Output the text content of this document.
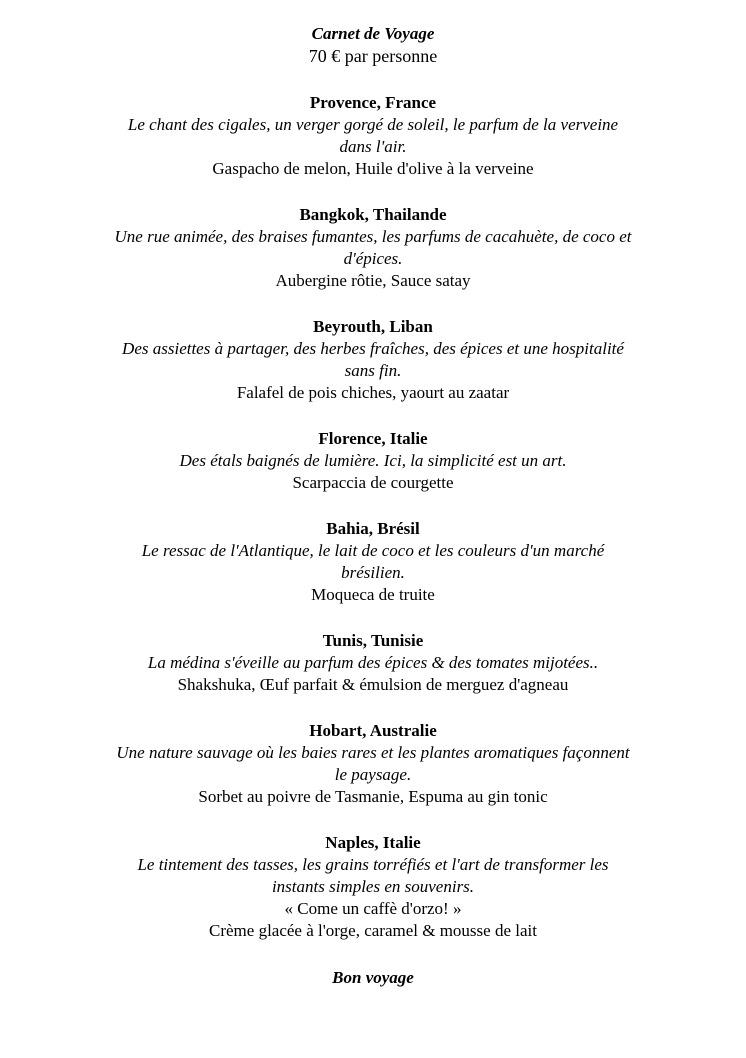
Carnet de Voyage
70 € par personne
Provence, France
Le chant des cigales, un verger gorgé de soleil, le parfum de la verveine dans l'air.
Gaspacho de melon, Huile d'olive à la verveine
Bangkok, Thailande
Une rue animée, des braises fumantes, les parfums de cacahuète, de coco et d'épices.
Aubergine rôtie, Sauce satay
Beyrouth, Liban
Des assiettes à partager, des herbes fraîches, des épices et une hospitalité sans fin.
Falafel de pois chiches, yaourt au zaatar
Florence, Italie
Des étals baignés de lumière. Ici, la simplicité est un art.
Scarpaccia de courgette
Bahia, Brésil
Le ressac de l'Atlantique, le lait de coco et les couleurs d'un marché brésilien.
Moqueca de truite
Tunis, Tunisie
La médina s'éveille au parfum des épices & des tomates mijotées..
Shakshuka, Œuf parfait & émulsion de merguez d'agneau
Hobart, Australie
Une nature sauvage où les baies rares et les plantes aromatiques façonnent le paysage.
Sorbet au poivre de Tasmanie, Espuma au gin tonic
Naples, Italie
Le tintement des tasses, les grains torréfiés et l'art de transformer les instants simples en souvenirs.
« Come un caffè d'orzo! »
Crème glacée à l'orge, caramel & mousse de lait
Bon voyage
